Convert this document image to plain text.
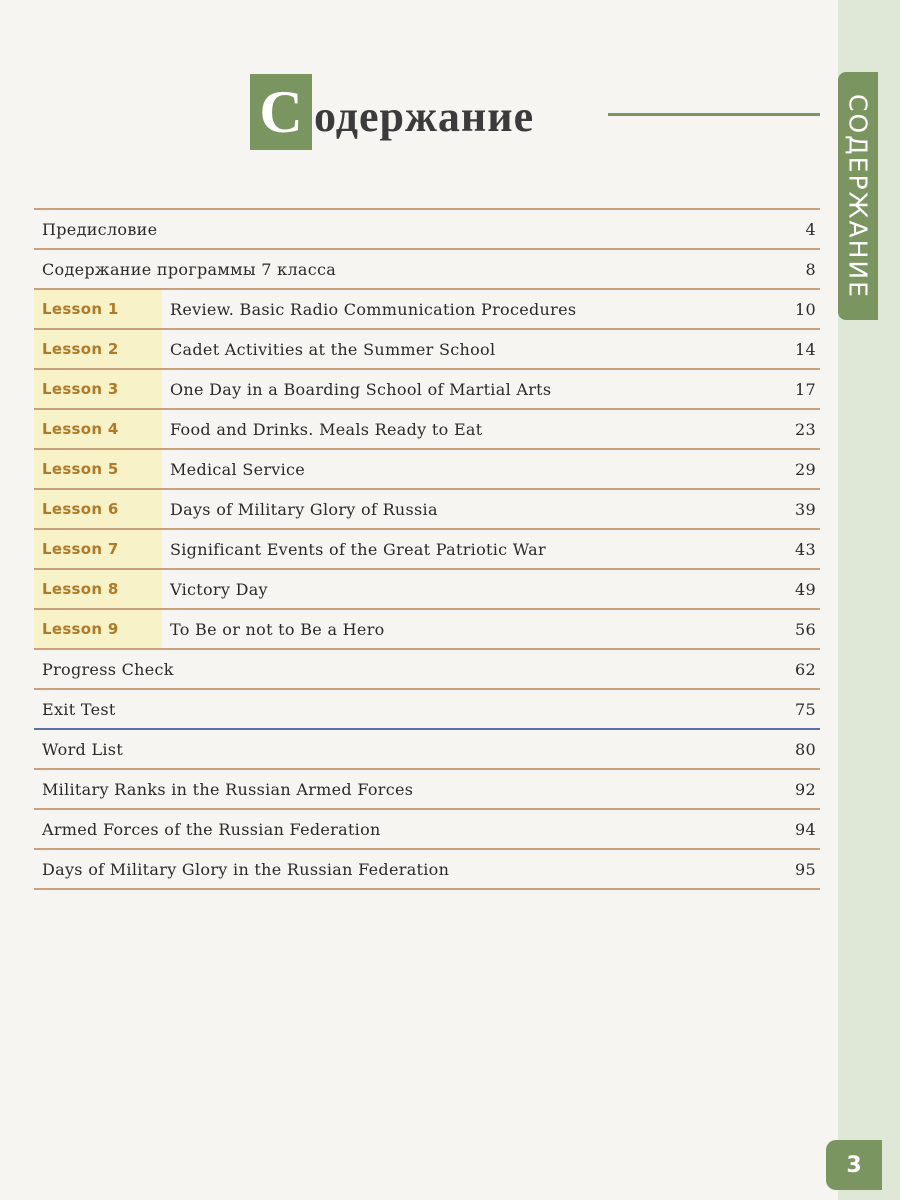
СОДЕРЖАНИЕ
С одержание
Предисловие	4
Содержание программы 7 класса	8
Lesson 1	Review. Basic Radio Communication Procedures	10
Lesson 2	Cadet Activities at the Summer School	14
Lesson 3	One Day in a Boarding School of Martial Arts	17
Lesson 4	Food and Drinks. Meals Ready to Eat	23
Lesson 5	Medical Service	29
Lesson 6	Days of Military Glory of Russia	39
Lesson 7	Significant Events of the Great Patriotic War	43
Lesson 8	Victory Day	49
Lesson 9	To Be or not to Be a Hero	56
Progress Check	62
Exit Test	75
Word List	80
Military Ranks in the Russian Armed Forces	92
Armed Forces of the Russian Federation	94
Days of Military Glory in the Russian Federation	95
3
